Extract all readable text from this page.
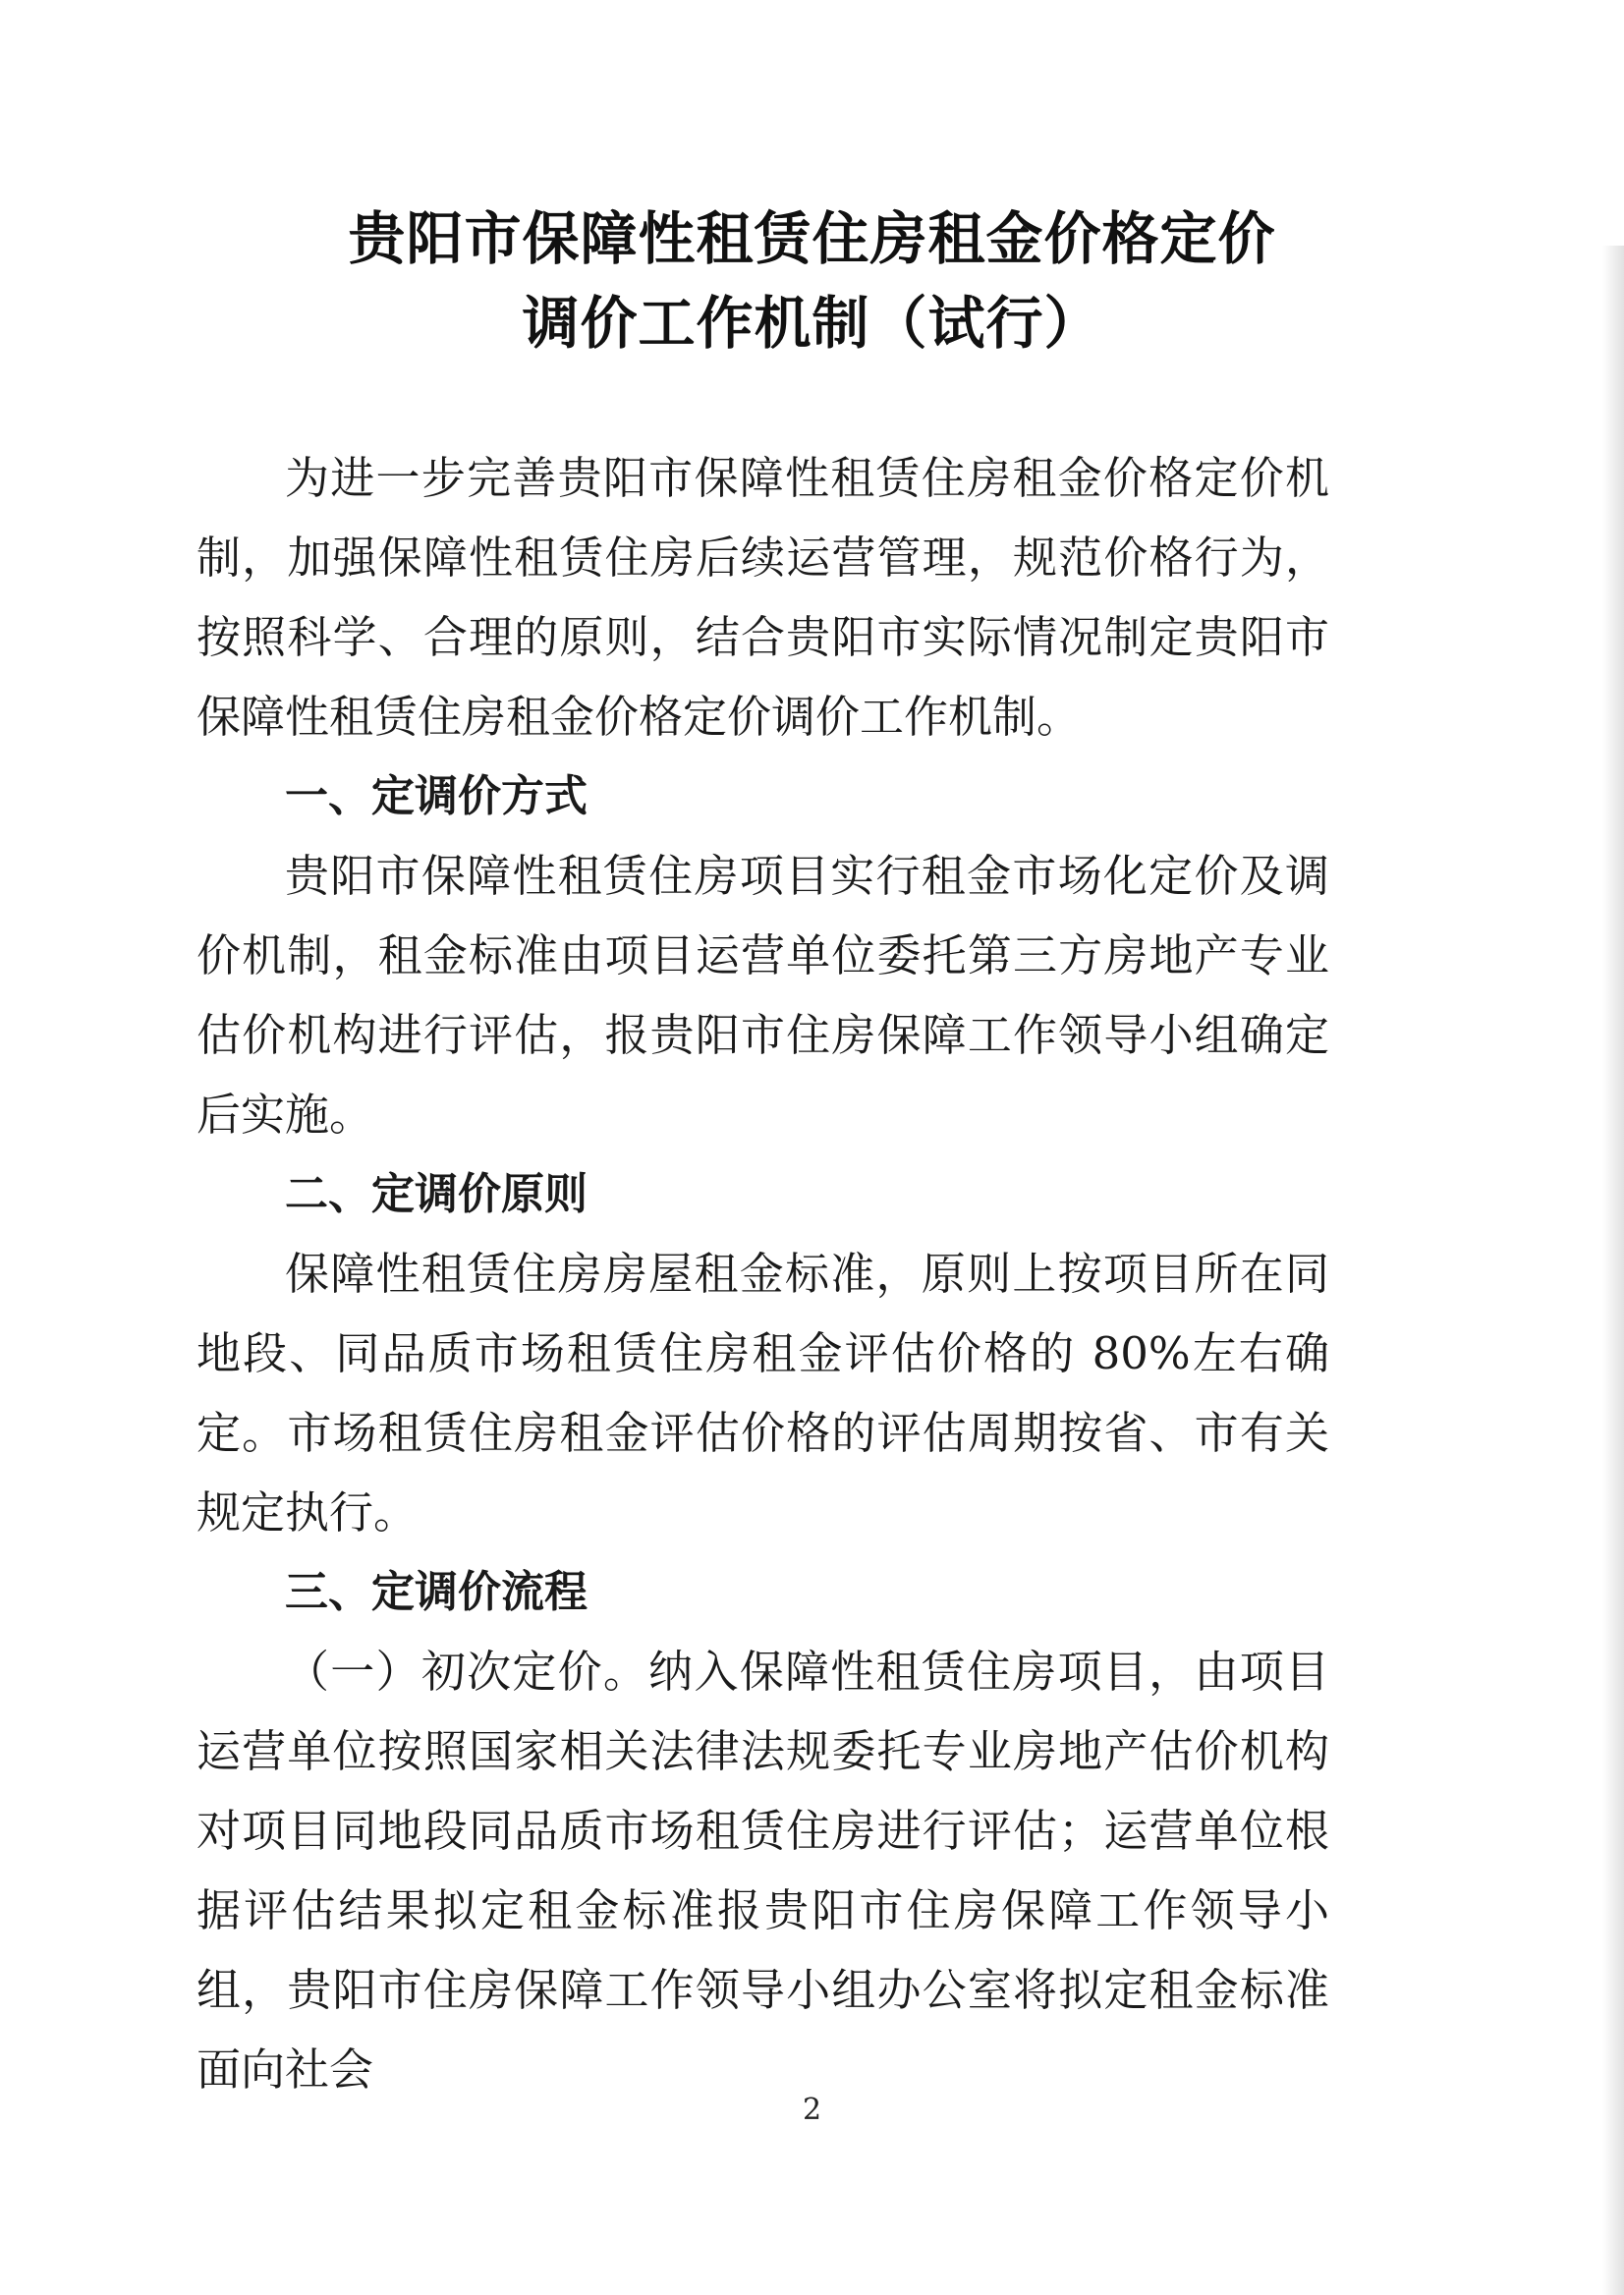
贵阳市保障性租赁住房租金价格定价
调价工作机制（试行）

为进一步完善贵阳市保障性租赁住房租金价格定价机制，加强保障性租赁住房后续运营管理，规范价格行为，按照科学、合理的原则，结合贵阳市实际情况制定贵阳市保障性租赁住房租金价格定价调价工作机制。

一、定调价方式

贵阳市保障性租赁住房项目实行租金市场化定价及调价机制，租金标准由项目运营单位委托第三方房地产专业估价机构进行评估，报贵阳市住房保障工作领导小组确定后实施。

二、定调价原则

保障性租赁住房房屋租金标准，原则上按项目所在同地段、同品质市场租赁住房租金评估价格的 80%左右确定。市场租赁住房租金评估价格的评估周期按省、市有关规定执行。

三、定调价流程

（一）初次定价。纳入保障性租赁住房项目，由项目运营单位按照国家相关法律法规委托专业房地产估价机构对项目同地段同品质市场租赁住房进行评估；运营单位根据评估结果拟定租金标准报贵阳市住房保障工作领导小组，贵阳市住房保障工作领导小组办公室将拟定租金标准面向社会

2
